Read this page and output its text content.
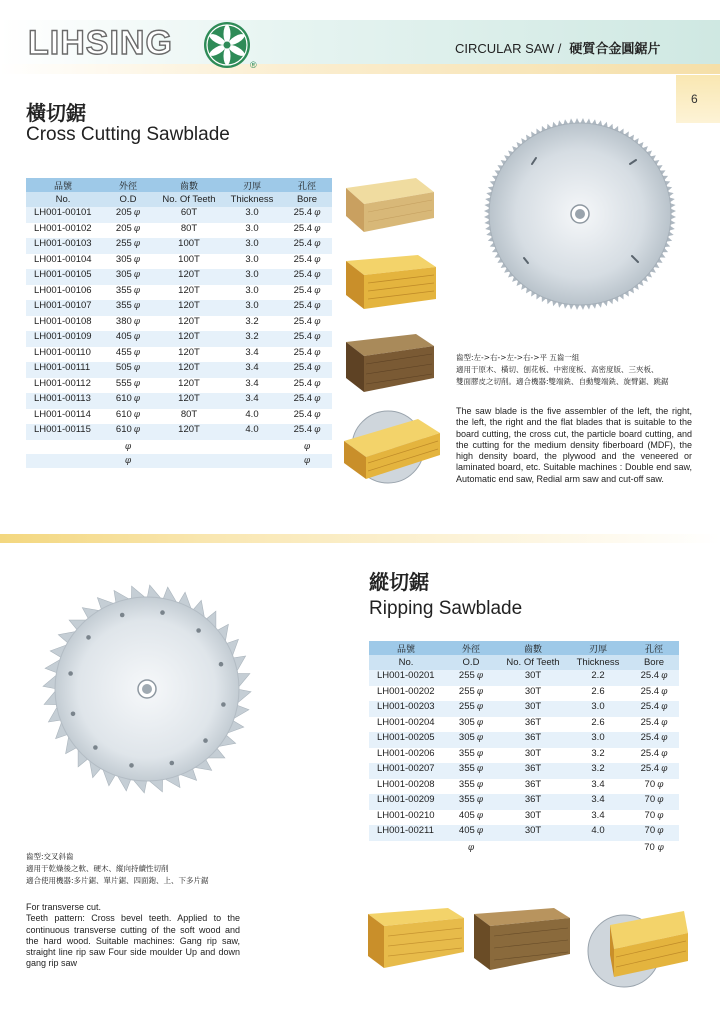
LIHSING
®
CIRCULAR SAW / 硬質合金圓鋸片
6
橫切鋸
Cross Cutting Sawblade
品號	外徑	齒數	刃厚	孔徑
No.	O.D	No. Of Teeth	Thickness	Bore
LH001-00101	205 φ	60T	3.0	25.4 φ
LH001-00102	205 φ	80T	3.0	25.4 φ
LH001-00103	255 φ	100T	3.0	25.4 φ
LH001-00104	305 φ	100T	3.0	25.4 φ
LH001-00105	305 φ	120T	3.0	25.4 φ
LH001-00106	355 φ	120T	3.0	25.4 φ
LH001-00107	355 φ	120T	3.0	25.4 φ
LH001-00108	380 φ	120T	3.2	25.4 φ
LH001-00109	405 φ	120T	3.2	25.4 φ
LH001-00110	455 φ	120T	3.4	25.4 φ
LH001-00111	505 φ	120T	3.4	25.4 φ
LH001-00112	555 φ	120T	3.4	25.4 φ
LH001-00113	610 φ	120T	3.4	25.4 φ
LH001-00114	610 φ	80T	4.0	25.4 φ
LH001-00115	610 φ	120T	4.0	25.4 φ
	φ			φ
	φ			φ
齒型:左->右->左->右->平 五齒一組
適用于原木、橫切、刨花板、中密度板、高密度版、三夾板、
雙面膠皮之切削。適合機器:雙端銑、自動雙端銑、旋臂鋸、跳鋸
The saw blade is the five assembler of the left, the right, the left, the right and the flat blades that is suitable to the board cutting, the cross cut, the particle board cutting, and the cutting for the medium density fiberboard (MDF), the high density board, the plywood and the veneered or laminated board, etc. Suitable machines : Double end saw, Automatic end saw, Redial arm saw and cut-off saw.
縱切鋸
Ripping Sawblade
品號	外徑	齒數	刃厚	孔徑
No.	O.D	No. Of Teeth	Thickness	Bore
LH001-00201	255 φ	30T	2.2	25.4 φ
LH001-00202	255 φ	30T	2.6	25.4 φ
LH001-00203	255 φ	30T	3.0	25.4 φ
LH001-00204	305 φ	36T	2.6	25.4 φ
LH001-00205	305 φ	36T	3.0	25.4 φ
LH001-00206	355 φ	30T	3.2	25.4 φ
LH001-00207	355 φ	36T	3.2	25.4 φ
LH001-00208	355 φ	36T	3.4	70 φ
LH001-00209	355 φ	36T	3.4	70 φ
LH001-00210	405 φ	30T	3.4	70 φ
LH001-00211	405 φ	30T	4.0	70 φ
	φ			70 φ
齒型:交叉斜齒
適用于乾燥後之軟、硬木、縱向持續性切削
適合使用機器:多片鋸、單片鋸、四面鉋、上、下多片鋸
For transverse cut.
Teeth pattern: Cross bevel teeth. Applied to the continuous transverse cutting of the soft wood and the hard wood. Suitable machines: Gang rip saw, straight line rip saw Four side moulder Up and down gang rip saw
